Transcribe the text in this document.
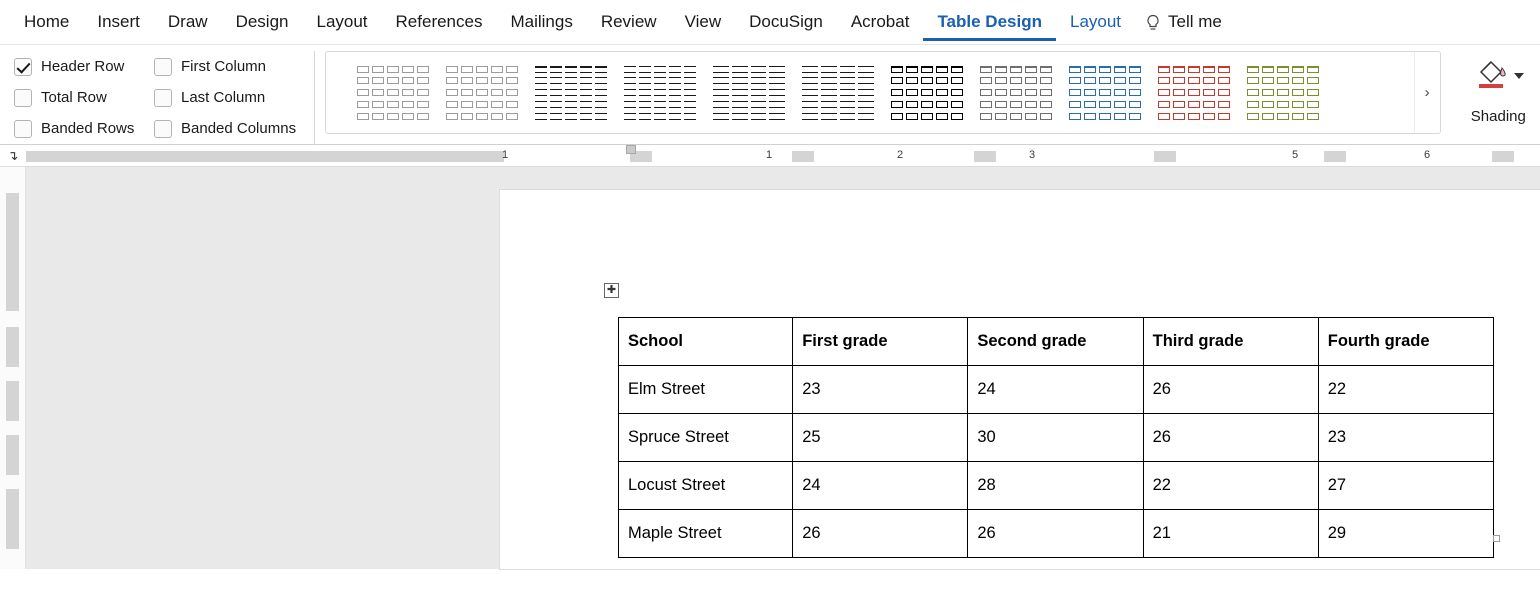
Home	Insert	Draw	Design	Layout	References	Mailings	Review	View	DocuSign	Acrobat	Table Design	Layout	Tell me
Header Row	First Column
Total Row	Last Column
Banded Rows	Banded Columns
›
Shading
↴	1	1	2	3	5	6
✚
School	First grade	Second grade	Third grade	Fourth grade
Elm Street	23	24	26	22
Spruce Street	25	30	26	23
Locust Street	24	28	22	27
Maple Street	26	26	21	29
